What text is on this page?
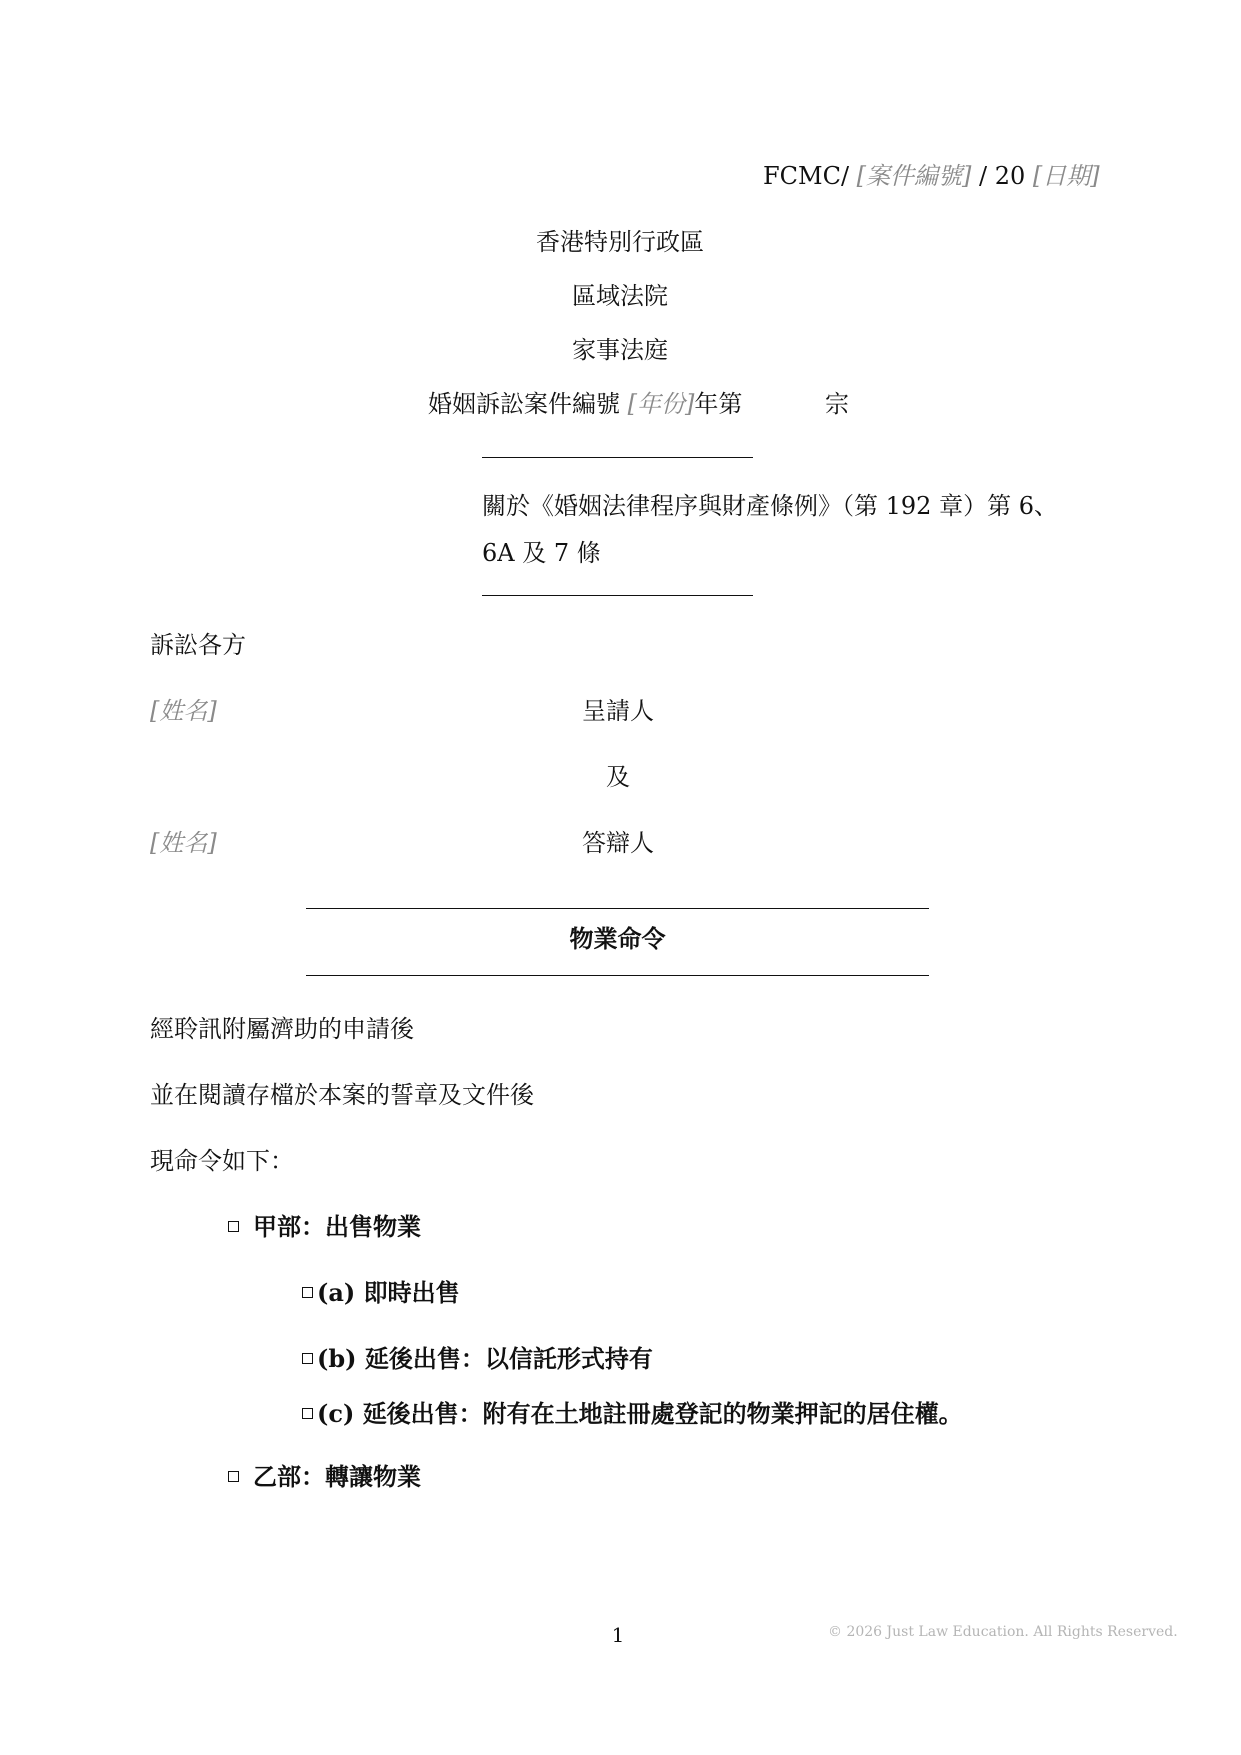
FCMC/ [案件編號] / 20 [日期]
香港特別行政區
區域法院
家事法庭
婚姻訴訟案件編號 [年份]年第	宗
關於《婚姻法律程序與財產條例》（第 192 章）第 6、
6A 及 7 條
訴訟各方
[姓名]	呈請人
及
[姓名]	答辯人
物業命令
經聆訊附屬濟助的申請後
並在閱讀存檔於本案的誓章及文件後
現命令如下：
甲部：出售物業
(a) 即時出售
(b) 延後出售：以信託形式持有
(c) 延後出售：附有在土地註冊處登記的物業押記的居住權。
乙部：轉讓物業
1	© 2026 Just Law Education. All Rights Reserved.
